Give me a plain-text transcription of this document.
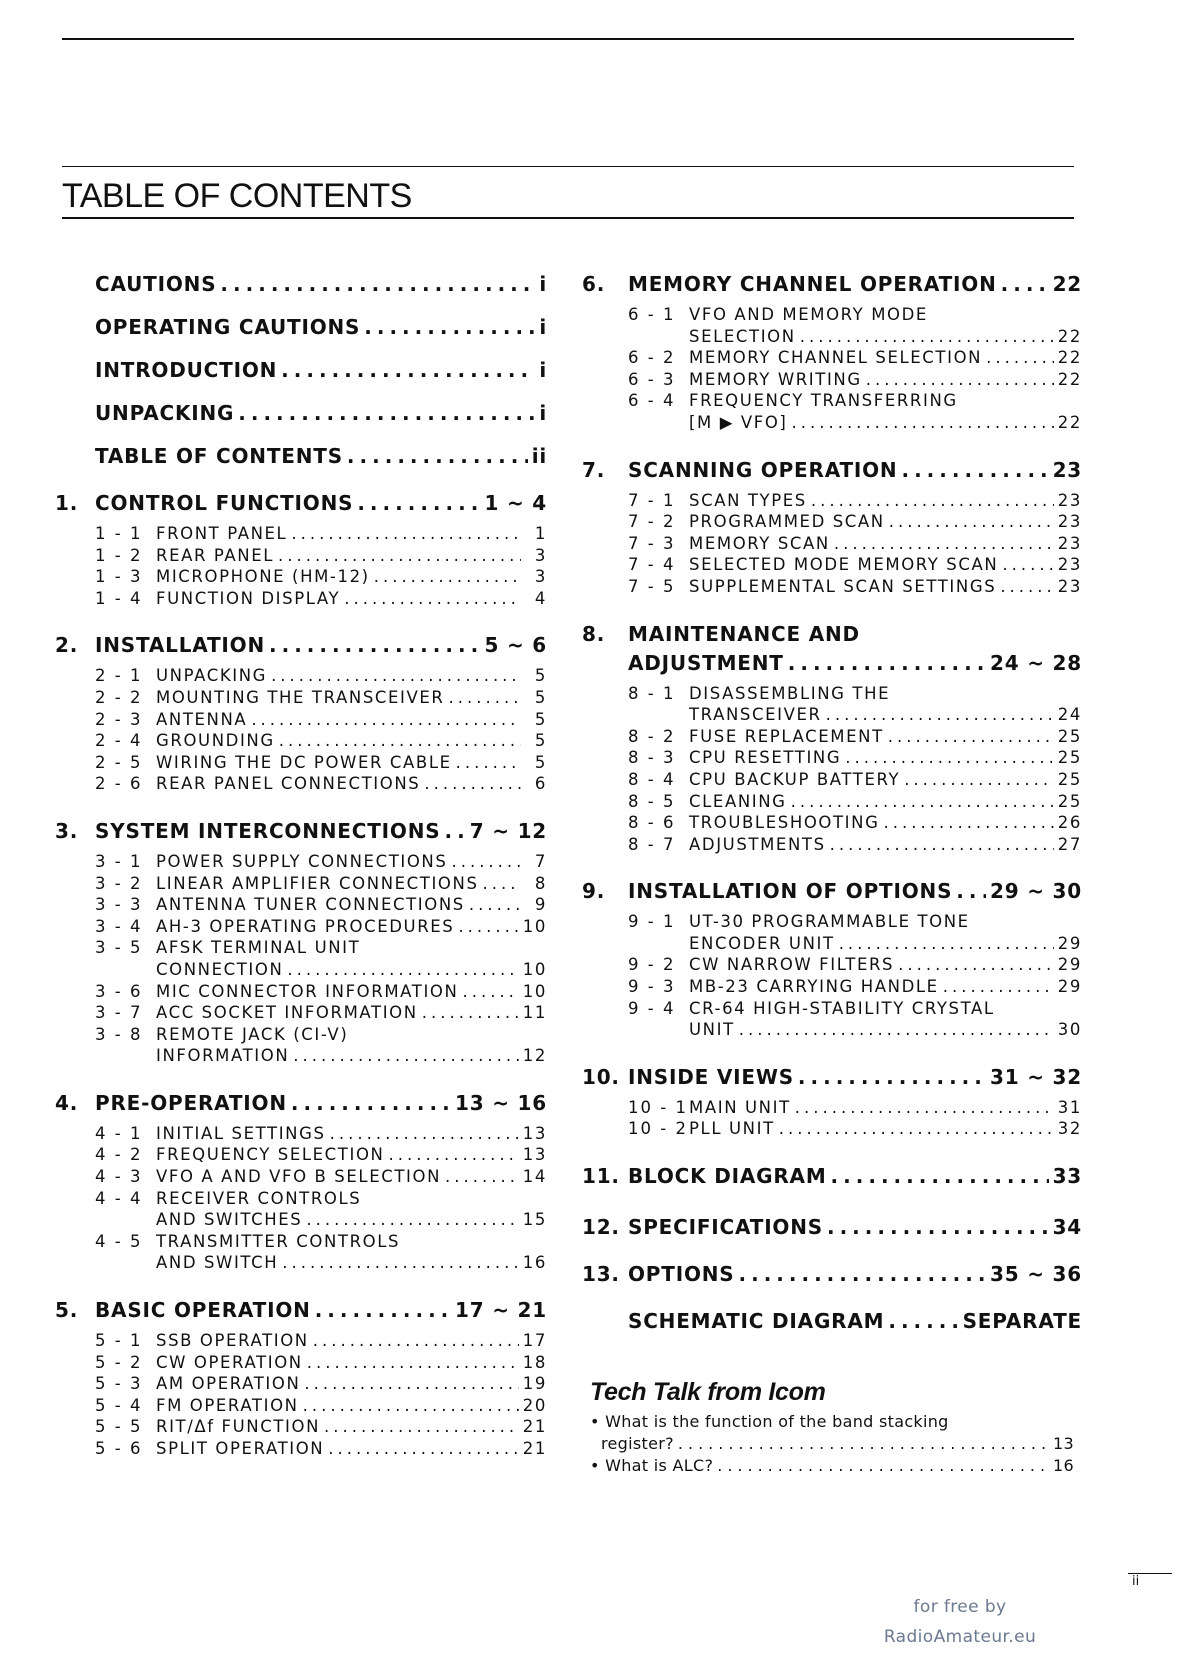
TABLE OF CONTENTS
CAUTIONS .....	i
OPERATING CAUTIONS .....	i
INTRODUCTION .....	i
UNPACKING .....	i
TABLE OF CONTENTS .....	ii
1. CONTROL FUNCTIONS .....	1 ~ 4
1 - 1 FRONT PANEL .....	1
1 - 2 REAR PANEL .....	3
1 - 3 MICROPHONE (HM-12) .....	3
1 - 4 FUNCTION DISPLAY .....	4
2. INSTALLATION .....	5 ~ 6
2 - 1 UNPACKING .....	5
2 - 2 MOUNTING THE TRANSCEIVER .....	5
2 - 3 ANTENNA .....	5
2 - 4 GROUNDING .....	5
2 - 5 WIRING THE DC POWER CABLE .....	5
2 - 6 REAR PANEL CONNECTIONS .....	6
3. SYSTEM INTERCONNECTIONS ..... 7 ~ 12
3 - 1 POWER SUPPLY CONNECTIONS .....	7
3 - 2 LINEAR AMPLIFIER CONNECTIONS .....	8
3 - 3 ANTENNA TUNER CONNECTIONS .....	9
3 - 4 AH-3 OPERATING PROCEDURES .....	10
3 - 5 AFSK TERMINAL UNIT
CONNECTION .....	10
3 - 6 MIC CONNECTOR INFORMATION .....	10
3 - 7 ACC SOCKET INFORMATION .....	11
3 - 8 REMOTE JACK (CI-V)
INFORMATION .....	12
4. PRE-OPERATION .....	13 ~ 16
4 - 1 INITIAL SETTINGS .....	13
4 - 2 FREQUENCY SELECTION .....	13
4 - 3 VFO A AND VFO B SELECTION .....	14
4 - 4 RECEIVER CONTROLS
AND SWITCHES .....	15
4 - 5 TRANSMITTER CONTROLS
AND SWITCH .....	16
5. BASIC OPERATION .....	17 ~ 21
5 - 1 SSB OPERATION .....	17
5 - 2 CW OPERATION .....	18
5 - 3 AM OPERATION .....	19
5 - 4 FM OPERATION .....	20
5 - 5 RIT/Δf FUNCTION .....	21
5 - 6 SPLIT OPERATION .....	21
6.	MEMORY CHANNEL OPERATION .....	22
6 - 1 VFO AND MEMORY MODE
SELECTION .....	22
6 - 2 MEMORY CHANNEL SELECTION .....	22
6 - 3 MEMORY WRITING .....	22
6 - 4 FREQUENCY TRANSFERRING
[M ▶ VFO] .....	22
7.	SCANNING OPERATION .....	23
7 - 1 SCAN TYPES .....	23
7 - 2 PROGRAMMED SCAN .....	23
7 - 3 MEMORY SCAN .....	23
7 - 4 SELECTED MODE MEMORY SCAN .....	23
7 - 5 SUPPLEMENTAL SCAN SETTINGS .....	23
8.	MAINTENANCE AND
ADJUSTMENT .....	24 ~ 28
8 - 1 DISASSEMBLING THE
TRANSCEIVER .....	24
8 - 2 FUSE REPLACEMENT .....	25
8 - 3 CPU RESETTING .....	25
8 - 4 CPU BACKUP BATTERY .....	25
8 - 5 CLEANING .....	25
8 - 6 TROUBLESHOOTING .....	26
8 - 7 ADJUSTMENTS .....	27
9.	INSTALLATION OF OPTIONS ..... 29 ~ 30
9 - 1 UT-30 PROGRAMMABLE TONE
ENCODER UNIT .....	29
9 - 2 CW NARROW FILTERS .....	29
9 - 3 MB-23 CARRYING HANDLE .....	29
9 - 4 CR-64 HIGH-STABILITY CRYSTAL
UNIT .....	30
10. INSIDE VIEWS .....	31 ~ 32
10 - 1 MAIN UNIT .....	31
10 - 2 PLL UNIT .....	32
11. BLOCK DIAGRAM .....	33
12. SPECIFICATIONS .....	34
13. OPTIONS .....	35 ~ 36
SCHEMATIC DIAGRAM .....	SEPARATE
Tech Talk from Icom
• What is the function of the band stacking
register? .....	13
• What is ALC? .....	16
ii
for free by
RadioAmateur.eu
